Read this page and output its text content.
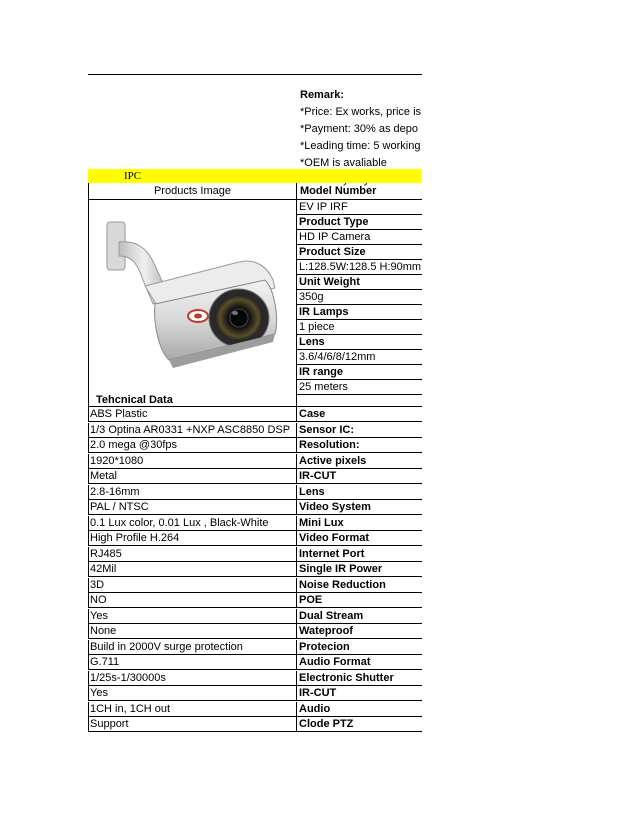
Remark:
*Price: Ex works, price is
*Payment: 30% as depo
*Leading time: 5 working
*OEM is avaliable
IPC
Products Image	Model Number
EV IP IRF
Product Type
HD IP Camera
Product Size
L:128.5W:128.5 H:90mm
Unit Weight
350g
IR Lamps
1 piece
Lens
3.6/4/6/8/12mm
IR range
25 meters
Tehcnical Data
ABS Plastic	Case
1/3 Optina AR0331 +NXP ASC8850 DSP Sensor IC:
2.0 mega @30fps	Resolution:
1920*1080	Active pixels
Metal	IR-CUT
2.8-16mm	Lens
PAL / NTSC	Video System
0.1 Lux color, 0.01 Lux , Black-White	Mini Lux
High Profile H.264	Video Format
RJ485	Internet Port
42Mil	Single IR Power
3D	Noise Reduction
NO	POE
Yes	Dual Stream
None	Wateproof
Build in 2000V surge protection	Protecion
G.711	Audio Format
1/25s-1/30000s	Electronic Shutter
Yes	IR-CUT
1CH in, 1CH out	Audio
Support	Clode PTZ
